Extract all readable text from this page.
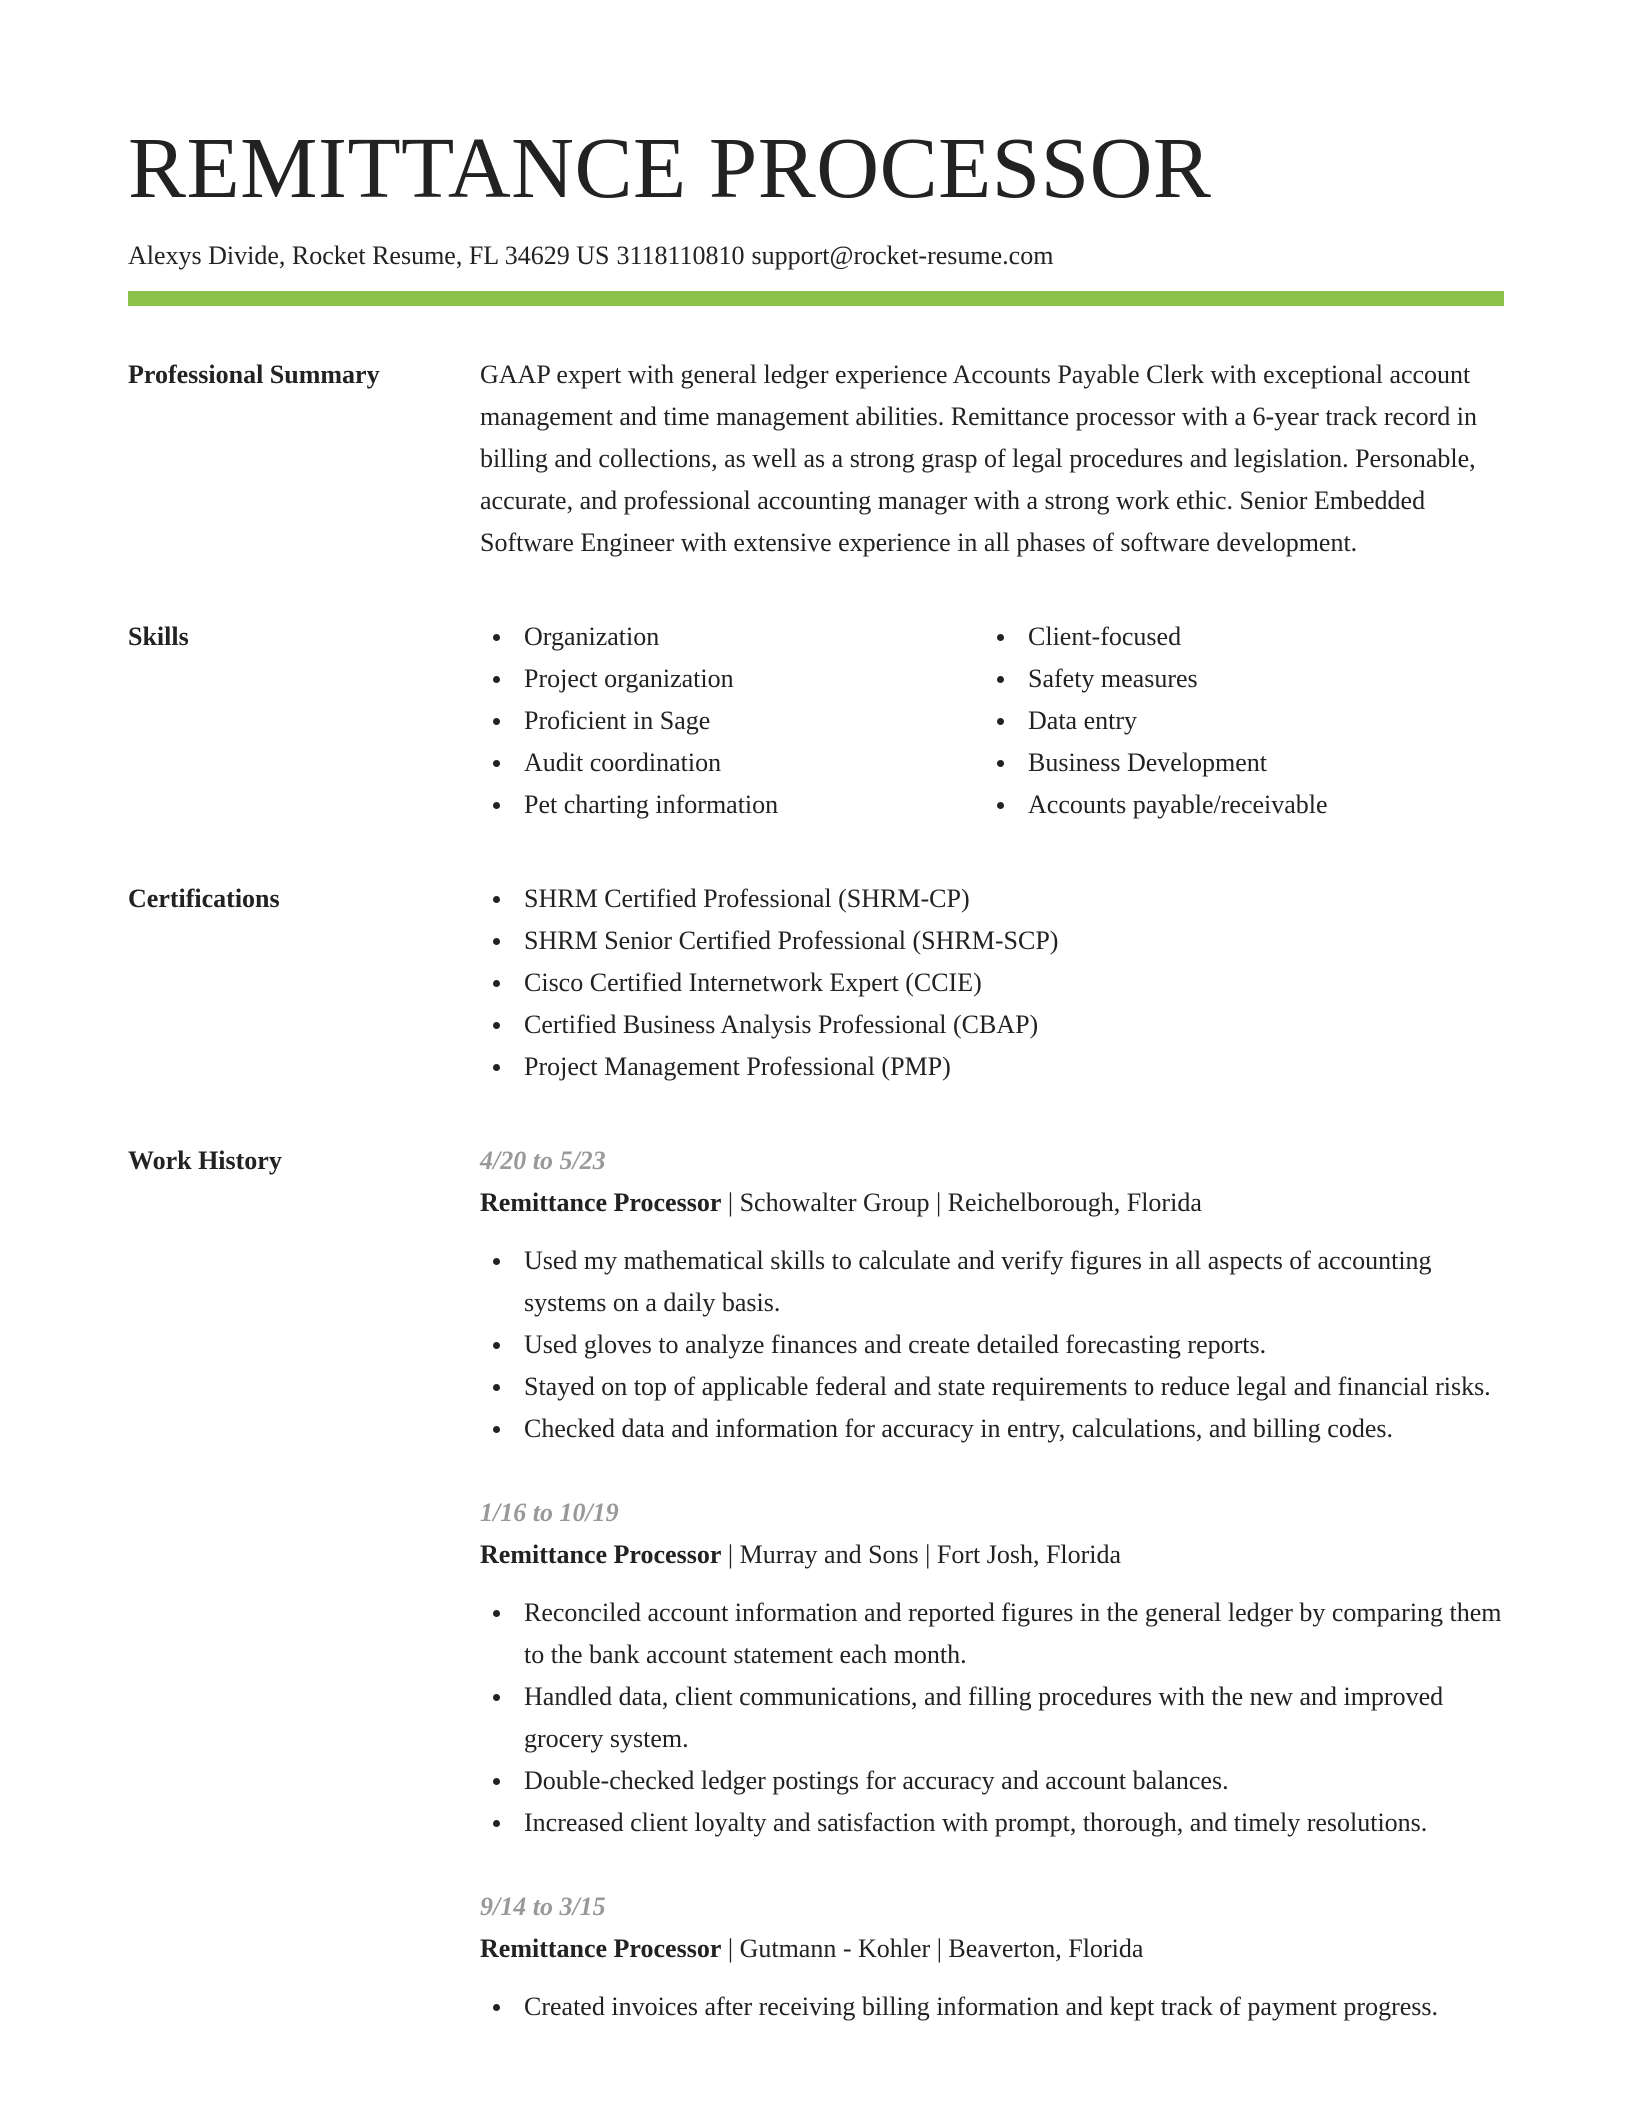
REMITTANCE PROCESSOR
Alexys Divide, Rocket Resume, FL 34629 US 3118110810 support@rocket-resume.com
Professional Summary	GAAP expert with general ledger experience Accounts Payable Clerk with exceptional account management and time management abilities. Remittance processor with a 6-year track record in billing and collections, as well as a strong grasp of legal procedures and legislation. Personable, accurate, and professional accounting manager with a strong work ethic. Senior Embedded Software Engineer with extensive experience in all phases of software development.

Skills	Organization
Project organization
Proficient in Sage
Audit coordination
Pet charting information
Client-focused
Safety measures
Data entry
Business Development
Accounts payable/receivable
Certifications	SHRM Certified Professional (SHRM-CP)
SHRM Senior Certified Professional (SHRM-SCP)
Cisco Certified Internetwork Expert (CCIE)
Certified Business Analysis Professional (CBAP)
Project Management Professional (PMP)
Work History	4/20 to 5/23
Remittance Processor | Schowalter Group | Reichelborough, Florida
Used my mathematical skills to calculate and verify figures in all aspects of accounting systems on a daily basis.
Used gloves to analyze finances and create detailed forecasting reports.
Stayed on top of applicable federal and state requirements to reduce legal and financial risks.
Checked data and information for accuracy in entry, calculations, and billing codes.
1/16 to 10/19
Remittance Processor | Murray and Sons | Fort Josh, Florida
Reconciled account information and reported figures in the general ledger by comparing them to the bank account statement each month.
Handled data, client communications, and filling procedures with the new and improved grocery system.
Double-checked ledger postings for accuracy and account balances.
Increased client loyalty and satisfaction with prompt, thorough, and timely resolutions.
9/14 to 3/15
Remittance Processor | Gutmann - Kohler | Beaverton, Florida
Created invoices after receiving billing information and kept track of payment progress.
